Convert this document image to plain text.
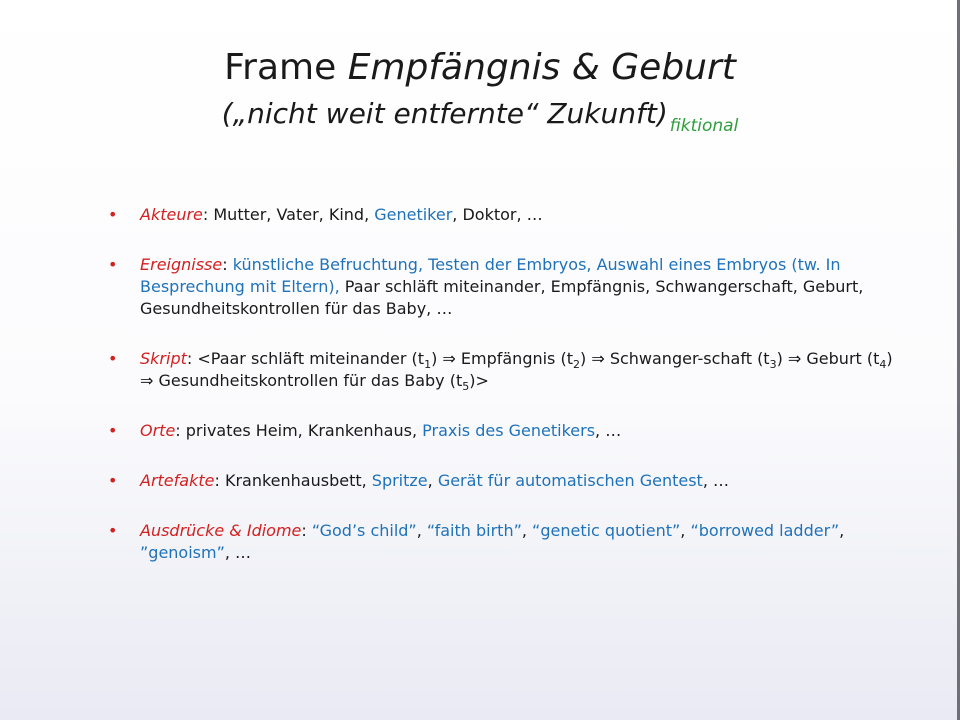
Frame Empfängnis & Geburt
(„nicht weit entfernte“ Zukunft) $_{fiktional}$
• Akteure: Mutter, Vater, Kind, Genetiker, Doktor, …
• Ereignisse: künstliche Befruchtung, Testen der Embryos, Auswahl eines Embryos (tw. In Besprechung mit Eltern), Paar schläft miteinander, Empfängnis, Schwangerschaft, Geburt, Gesundheitskontrollen für das Baby, …
• Skript: <Paar schläft miteinander $(t_1)$ ⇒ Empfängnis $(t_2)$ ⇒ Schwanger-schaft $(t_3)$ ⇒ Geburt $(t_4)$ ⇒ Gesundheitskontrollen für das Baby $(t_5)>$
• Orte: privates Heim, Krankenhaus, Praxis des Genetikers, …
• Artefakte: Krankenhausbett, Spritze, Gerät für automatischen Gentest, …
• Ausdrücke & Idiome: “God’s child”, “faith birth”, “genetic quotient”, “borrowed ladder”, ”genoism”, …
